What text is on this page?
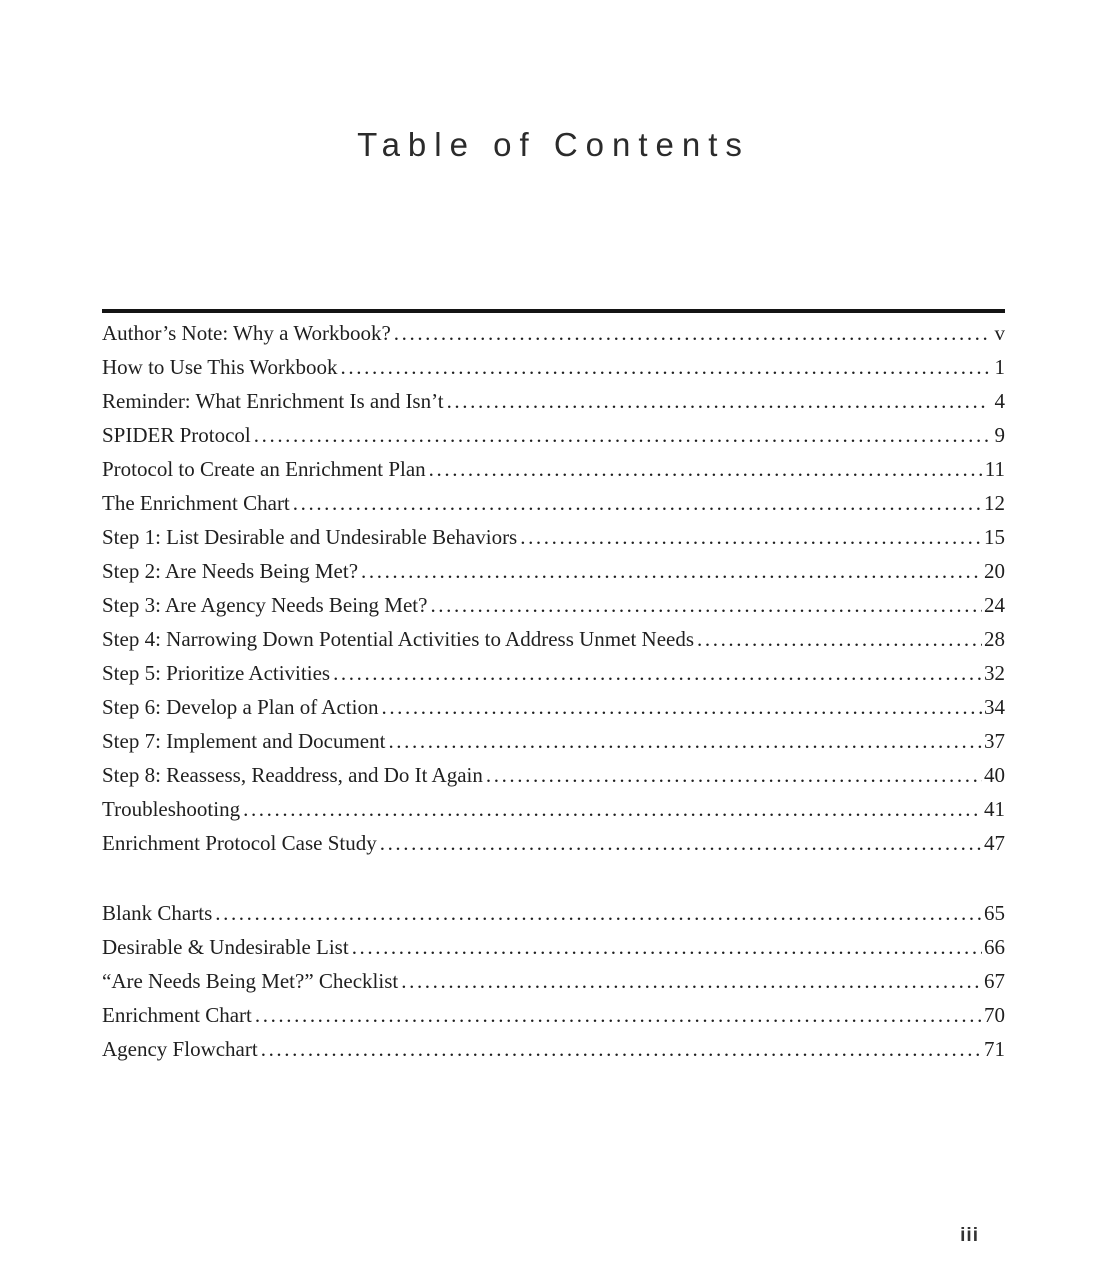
Table of Contents
Author’s Note: Why a Workbook? .....	v
How to Use This Workbook .....	1
Reminder: What Enrichment Is and Isn’t .....	4
SPIDER Protocol .....	9
Protocol to Create an Enrichment Plan .....	11
The Enrichment Chart .....	12
Step 1: List Desirable and Undesirable Behaviors .....	15
Step 2: Are Needs Being Met? .....	20
Step 3: Are Agency Needs Being Met? .....	24
Step 4: Narrowing Down Potential Activities to Address Unmet Needs .....	28
Step 5: Prioritize Activities .....	32
Step 6: Develop a Plan of Action .....	34
Step 7: Implement and Document .....	37
Step 8: Reassess, Readdress, and Do It Again .....	40
Troubleshooting .....	41
Enrichment Protocol Case Study .....	47
Blank Charts .....	65
Desirable & Undesirable List .....	66
“Are Needs Being Met?” Checklist .....	67
Enrichment Chart .....	70
Agency Flowchart .....	71
iii
